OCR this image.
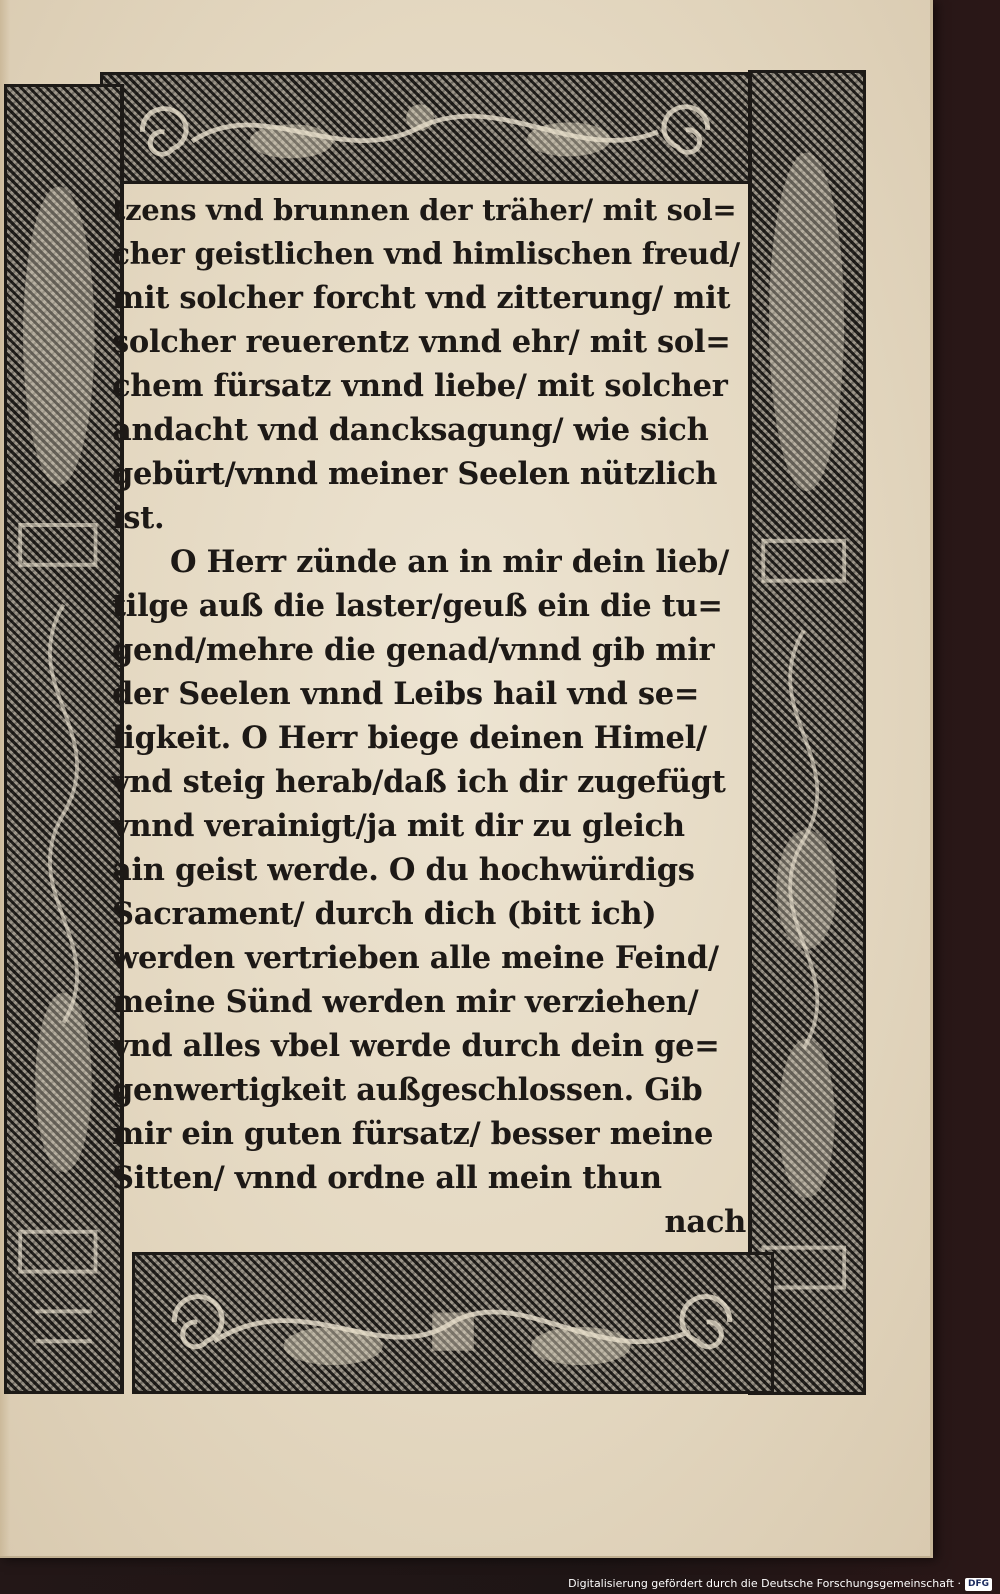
tzens vnd brunnen der träher/ mit sol=
cher geistlichen vnd himlischen freud/
mit solcher forcht vnd zitterung/ mit
solcher reuerentz vnnd ehr/ mit sol=
chem fürsatz vnnd liebe/ mit solcher
andacht vnd dancksagung/ wie sich
gebürt/vnnd meiner Seelen nützlich
ist.
O Herr zünde an in mir dein lieb/
tilge auß die laster/geuß ein die tu=
gend/mehre die genad/vnnd gib mir
der Seelen vnnd Leibs hail vnd se=
ligkeit. O Herr biege deinen Himel/
vnd steig herab/daß ich dir zugefügt
vnnd verainigt/ja mit dir zu gleich
ain geist werde. O du hochwürdigs
Sacrament/ durch dich (bitt ich)
werden vertrieben alle meine Feind/
meine Sünd werden mir verziehen/
vnd alles vbel werde durch dein ge=
genwertigkeit außgeschlossen. Gib
mir ein guten fürsatz/ besser meine
Sitten/ vnnd ordne all mein thun
nach
Digitalisierung gefördert durch die Deutsche Forschungsgemeinschaft · DFG
